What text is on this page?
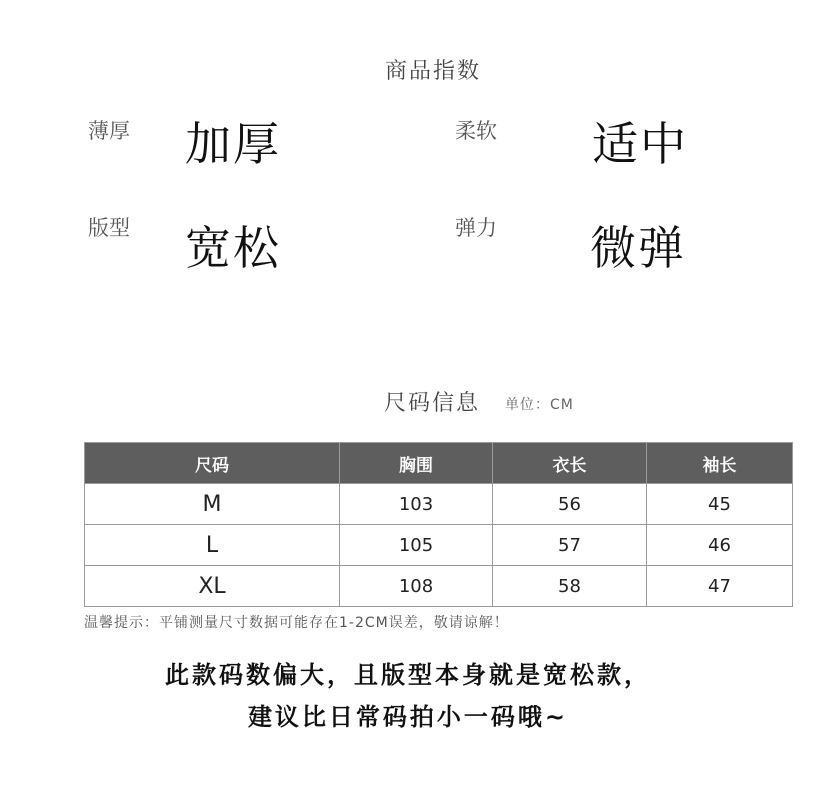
商品指数
薄厚 加厚	柔软 适中
版型 宽松	弹力 微弹
尺码信息 单位：CM
尺码	胸围	衣长	袖长
M	103	56	45
L	105	57	46
XL	108	58	47
温馨提示：平铺测量尺寸数据可能存在1-2CM误差，敬请谅解！
此款码数偏大，且版型本身就是宽松款，
建议比日常码拍小一码哦~
